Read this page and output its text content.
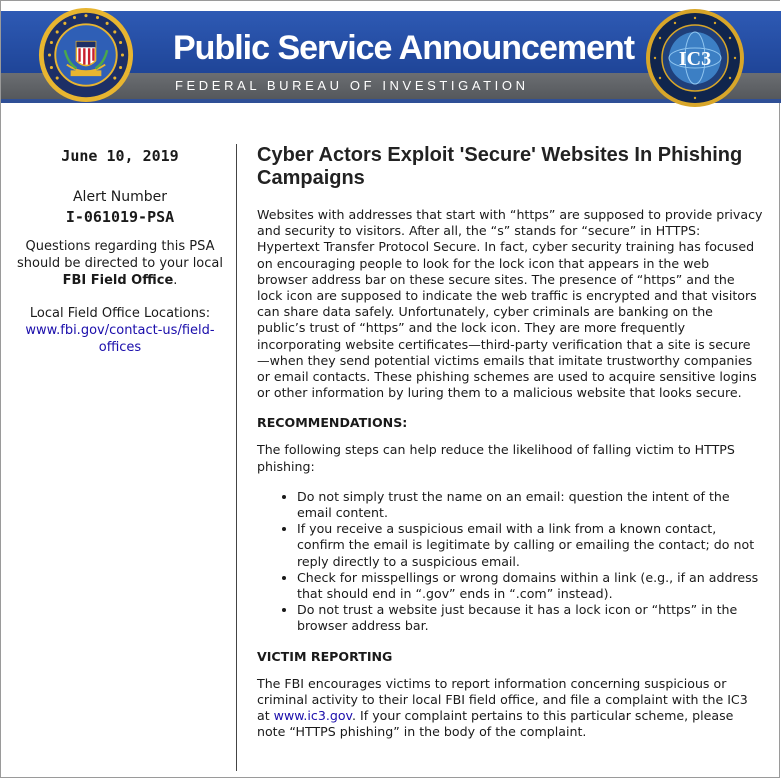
Public Service Announcement
FEDERAL BUREAU OF INVESTIGATION
IC3
June 10, 2019
Alert Number
I-061019-PSA
Questions regarding this PSA should be directed to your local FBI Field Office.
Local Field Office Locations:
www.fbi.gov/contact-us/field-offices
Cyber Actors Exploit 'Secure' Websites In Phishing Campaigns

Websites with addresses that start with “https” are supposed to provide privacy and security to visitors. After all, the “s” stands for “secure” in HTTPS: Hypertext Transfer Protocol Secure. In fact, cyber security training has focused on encouraging people to look for the lock icon that appears in the web browser address bar on these secure sites. The presence of “https” and the lock icon are supposed to indicate the web traffic is encrypted and that visitors can share data safely. Unfortunately, cyber criminals are banking on the public’s trust of “https” and the lock icon. They are more frequently incorporating website certificates—third-party verification that a site is secure—when they send potential victims emails that imitate trustworthy companies or email contacts. These phishing schemes are used to acquire sensitive logins or other information by luring them to a malicious website that looks secure.

RECOMMENDATIONS:

The following steps can help reduce the likelihood of falling victim to HTTPS phishing:

• Do not simply trust the name on an email: question the intent of the email content.
• If you receive a suspicious email with a link from a known contact, confirm the email is legitimate by calling or emailing the contact; do not reply directly to a suspicious email.
• Check for misspellings or wrong domains within a link (e.g., if an address that should end in “.gov” ends in “.com” instead).
• Do not trust a website just because it has a lock icon or “https” in the browser address bar.

VICTIM REPORTING

The FBI encourages victims to report information concerning suspicious or criminal activity to their local FBI field office, and file a complaint with the IC3 at www.ic3.gov. If your complaint pertains to this particular scheme, please note “HTTPS phishing” in the body of the complaint.
